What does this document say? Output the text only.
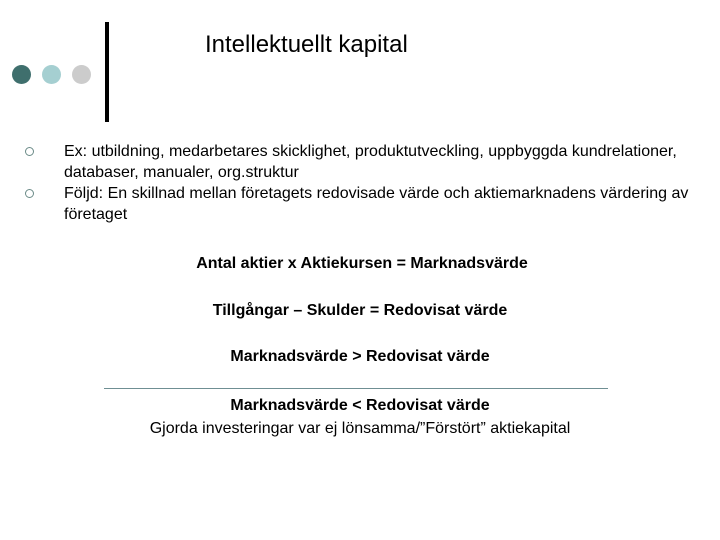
Intellektuellt kapital
Ex: utbildning, medarbetares skicklighet, produktutveckling, uppbyggda kundrelationer, databaser, manualer, org.struktur
Följd: En skillnad mellan företagets redovisade värde och aktiemarknadens värdering av företaget
Antal aktier x Aktiekursen = Marknadsvärde
Tillgångar – Skulder = Redovisat värde
Marknadsvärde > Redovisat värde
Marknadsvärde < Redovisat värde
Gjorda investeringar var ej lönsamma/”Förstört” aktiekapital
